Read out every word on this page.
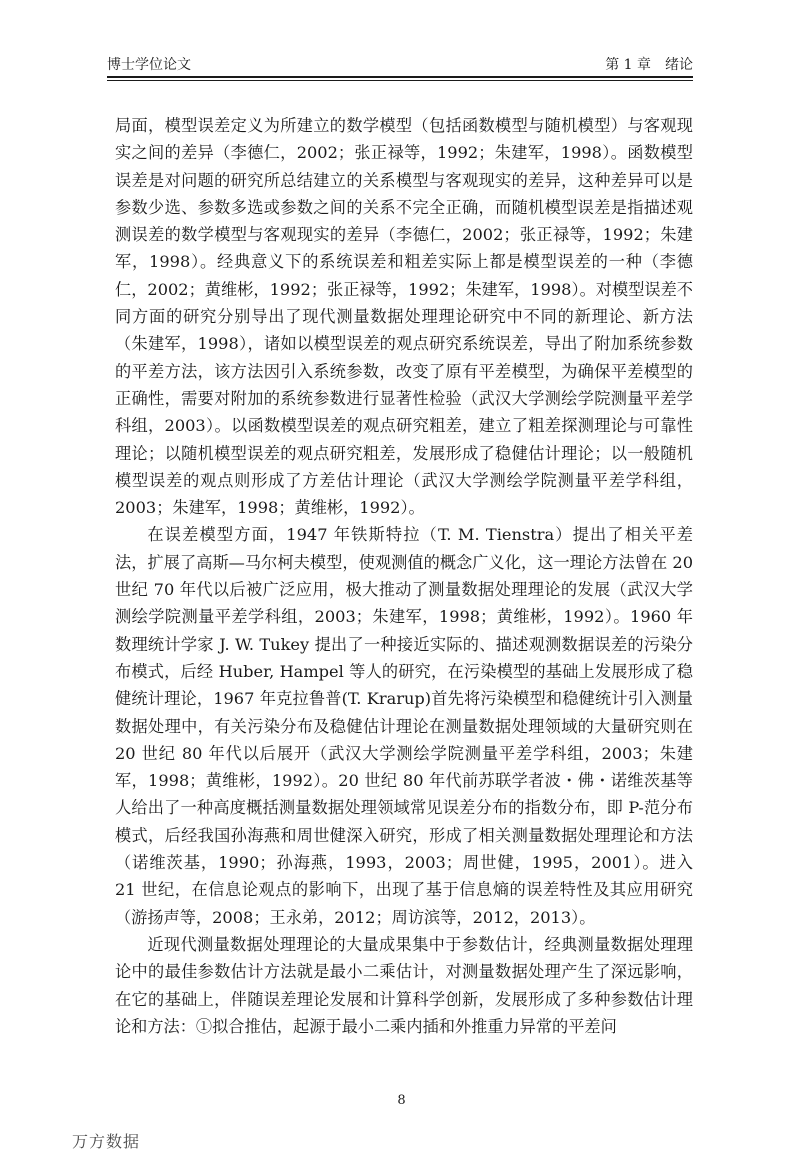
博士学位论文	第 1 章　绪论

局面，模型误差定义为所建立的数学模型（包括函数模型与随机模型）与客观现实之间的差异（李德仁，2002；张正禄等，1992；朱建军，1998）。函数模型误差是对问题的研究所总结建立的关系模型与客观现实的差异，这种差异可以是参数少选、参数多选或参数之间的关系不完全正确，而随机模型误差是指描述观测误差的数学模型与客观现实的差异（李德仁，2002；张正禄等，1992；朱建军，1998）。经典意义下的系统误差和粗差实际上都是模型误差的一种（李德仁，2002；黄维彬，1992；张正禄等，1992；朱建军，1998）。对模型误差不同方面的研究分别导出了现代测量数据处理理论研究中不同的新理论、新方法（朱建军，1998），诸如以模型误差的观点研究系统误差，导出了附加系统参数的平差方法，该方法因引入系统参数，改变了原有平差模型，为确保平差模型的正确性，需要对附加的系统参数进行显著性检验（武汉大学测绘学院测量平差学科组，2003）。以函数模型误差的观点研究粗差，建立了粗差探测理论与可靠性理论；以随机模型误差的观点研究粗差，发展形成了稳健估计理论；以一般随机模型误差的观点则形成了方差估计理论（武汉大学测绘学院测量平差学科组，2003；朱建军，1998；黄维彬，1992）。

在误差模型方面，1947 年铁斯特拉（T. M. Tienstra）提出了相关平差法，扩展了高斯—马尔柯夫模型，使观测值的概念广义化，这一理论方法曾在 20 世纪 70 年代以后被广泛应用，极大推动了测量数据处理理论的发展（武汉大学测绘学院测量平差学科组，2003；朱建军，1998；黄维彬，1992）。1960 年数理统计学家 J. W. Tukey 提出了一种接近实际的、描述观测数据误差的污染分布模式，后经 Huber, Hampel 等人的研究，在污染模型的基础上发展形成了稳健统计理论，1967 年克拉鲁普(T. Krarup)首先将污染模型和稳健统计引入测量数据处理中，有关污染分布及稳健估计理论在测量数据处理领域的大量研究则在 20 世纪 80 年代以后展开（武汉大学测绘学院测量平差学科组，2003；朱建军，1998；黄维彬，1992）。20 世纪 80 年代前苏联学者波・佛・诺维茨基等人给出了一种高度概括测量数据处理领域常见误差分布的指数分布，即 P-范分布模式，后经我国孙海燕和周世健深入研究，形成了相关测量数据处理理论和方法（诺维茨基，1990；孙海燕，1993，2003；周世健，1995，2001）。进入 21 世纪，在信息论观点的影响下，出现了基于信息熵的误差特性及其应用研究（游扬声等，2008；王永弟，2012；周访滨等，2012，2013）。

近现代测量数据处理理论的大量成果集中于参数估计，经典测量数据处理理论中的最佳参数估计方法就是最小二乘估计，对测量数据处理产生了深远影响，在它的基础上，伴随误差理论发展和计算科学创新，发展形成了多种参数估计理论和方法：①拟合推估，起源于最小二乘内插和外推重力异常的平差问

8
万方数据
